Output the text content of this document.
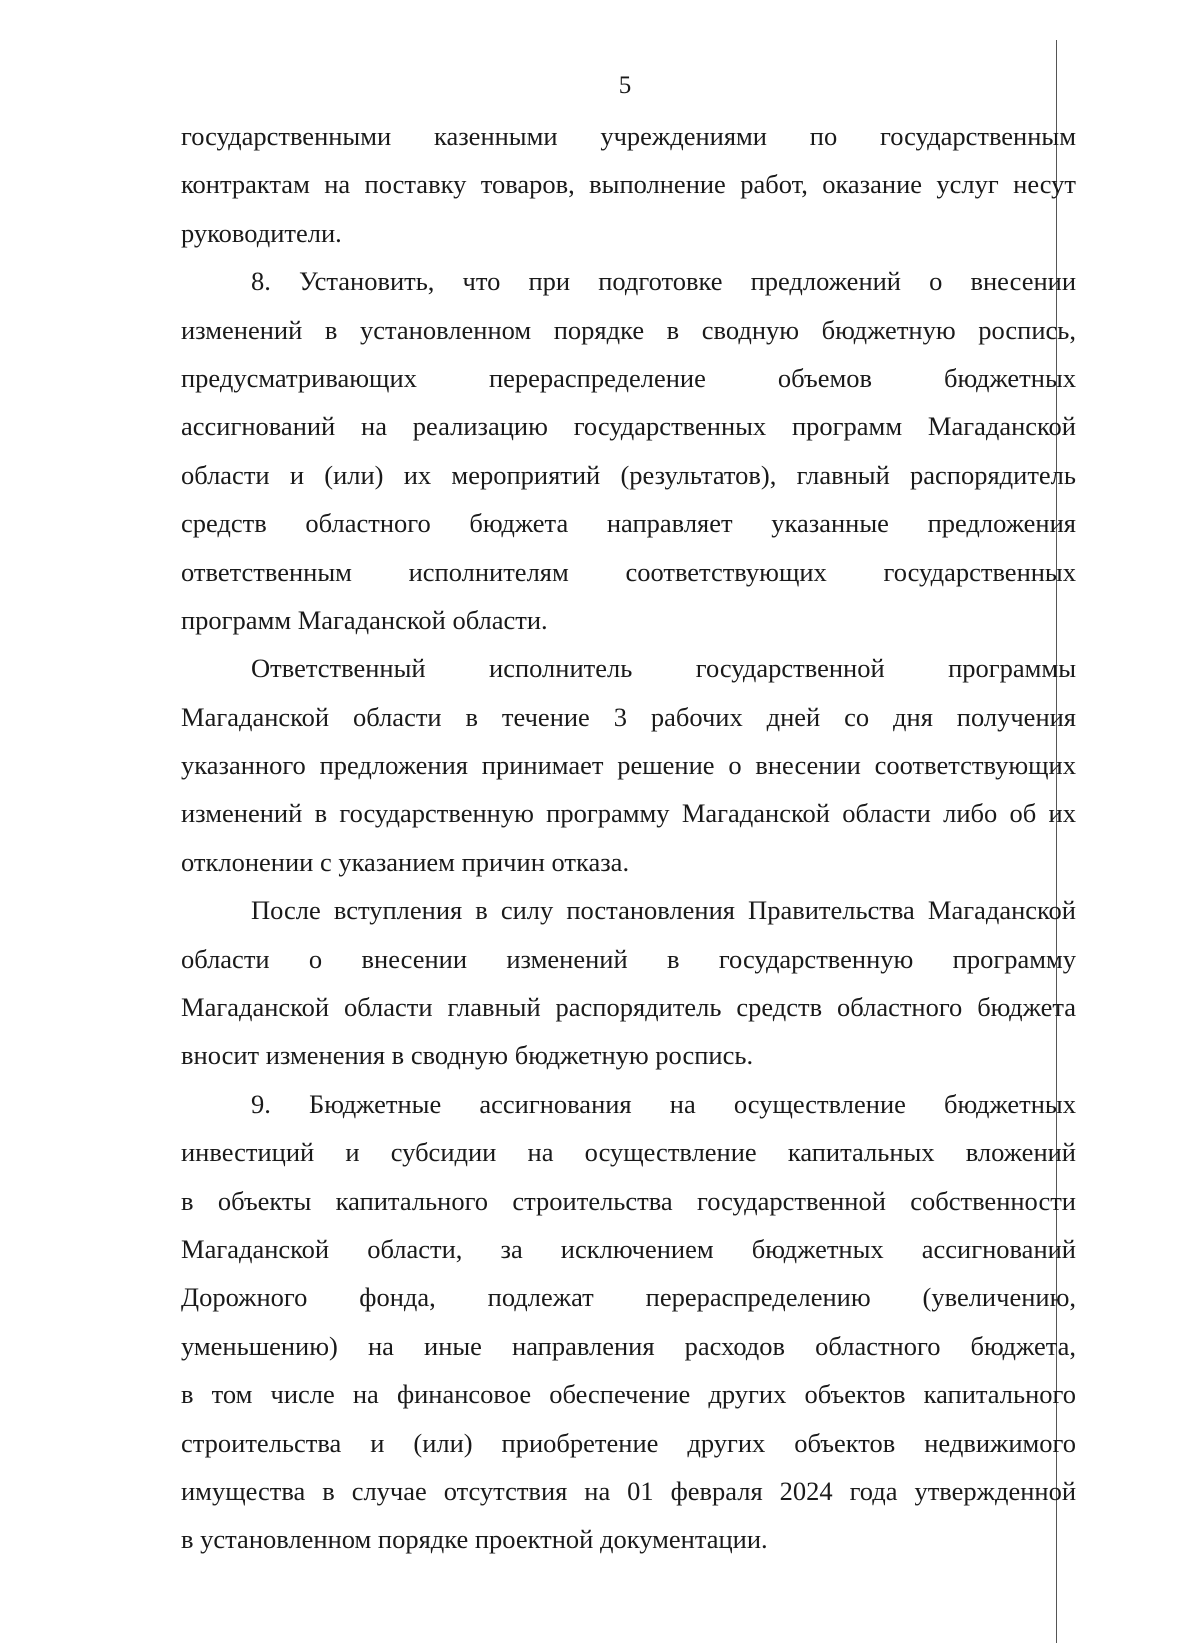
5
государственными казенными учреждениями по государственным
контрактам на поставку товаров, выполнение работ, оказание услуг несут
руководители.
8. Установить, что при подготовке предложений о внесении
изменений в установленном порядке в сводную бюджетную роспись,
предусматривающих перераспределение объемов бюджетных
ассигнований на реализацию государственных программ Магаданской
области и (или) их мероприятий (результатов), главный распорядитель
средств областного бюджета направляет указанные предложения
ответственным исполнителям соответствующих государственных
программ Магаданской области.
Ответственный исполнитель государственной программы
Магаданской области в течение 3 рабочих дней со дня получения
указанного предложения принимает решение о внесении соответствующих
изменений в государственную программу Магаданской области либо об их
отклонении с указанием причин отказа.
После вступления в силу постановления Правительства Магаданской
области о внесении изменений в государственную программу
Магаданской области главный распорядитель средств областного бюджета
вносит изменения в сводную бюджетную роспись.
9. Бюджетные ассигнования на осуществление бюджетных
инвестиций и субсидии на осуществление капитальных вложений
в объекты капитального строительства государственной собственности
Магаданской области, за исключением бюджетных ассигнований
Дорожного фонда, подлежат перераспределению (увеличению,
уменьшению) на иные направления расходов областного бюджета,
в том числе на финансовое обеспечение других объектов капитального
строительства и (или) приобретение других объектов недвижимого
имущества в случае отсутствия на 01 февраля 2024 года утвержденной
в установленном порядке проектной документации.
